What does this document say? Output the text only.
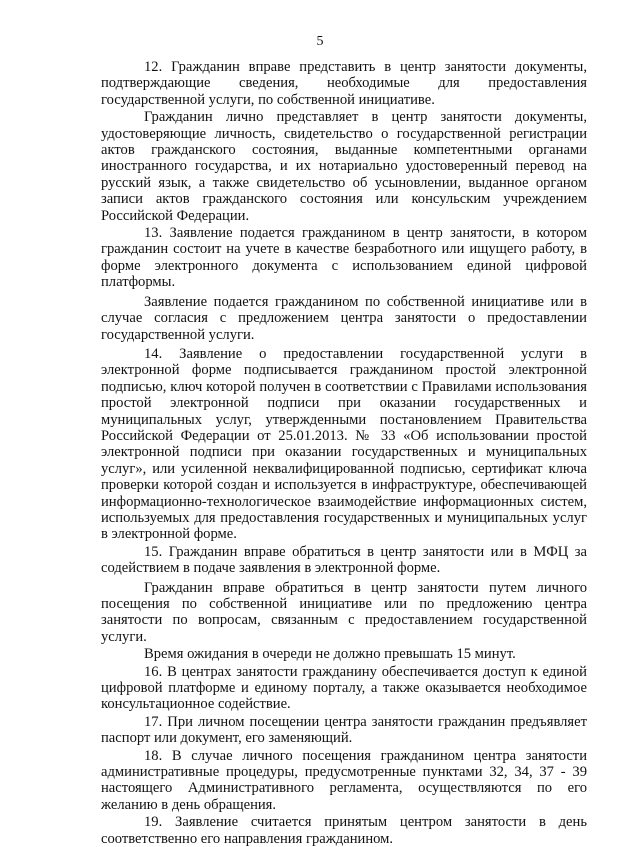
5

12. Гражданин вправе представить в центр занятости документы, подтверждающие сведения, необходимые для предоставления государственной услуги, по собственной инициативе.

Гражданин лично представляет в центр занятости документы, удостоверяющие личность, свидетельство о государственной регистрации актов гражданского состояния, выданные компетентными органами иностранного государства, и их нотариально удостоверенный перевод на русский язык, а также свидетельство об усыновлении, выданное органом записи актов гражданского состояния или консульским учреждением Российской Федерации.

13. Заявление подается гражданином в центр занятости, в котором гражданин состоит на учете в качестве безработного или ищущего работу, в форме электронного документа с использованием единой цифровой платформы.

Заявление подается гражданином по собственной инициативе или в случае согласия с предложением центра занятости о предоставлении государственной услуги.

14. Заявление о предоставлении государственной услуги в электронной форме подписывается гражданином простой электронной подписью, ключ которой получен в соответствии с Правилами использования простой электронной подписи при оказании государственных и муниципальных услуг, утвержденными постановлением Правительства Российской Федерации от 25.01.2013. № 33 «Об использовании простой электронной подписи при оказании государственных и муниципальных услуг», или усиленной неквалифицированной подписью, сертификат ключа проверки которой создан и используется в инфраструктуре, обеспечивающей информационно-технологическое взаимодействие информационных систем, используемых для предоставления государственных и муниципальных услуг в электронной форме.

15. Гражданин вправе обратиться в центр занятости или в МФЦ за содействием в подаче заявления в электронной форме.

Гражданин вправе обратиться в центр занятости путем личного посещения по собственной инициативе или по предложению центра занятости по вопросам, связанным с предоставлением государственной услуги.

Время ожидания в очереди не должно превышать 15 минут.

16. В центрах занятости гражданину обеспечивается доступ к единой цифровой платформе и единому порталу, а также оказывается необходимое консультационное содействие.

17. При личном посещении центра занятости гражданин предъявляет паспорт или документ, его заменяющий.

18. В случае личного посещения гражданином центра занятости административные процедуры, предусмотренные пунктами 32, 34, 37 - 39 настоящего Административного регламента, осуществляются по его желанию в день обращения.

19. Заявление считается принятым центром занятости в день соответственно его направления гражданином.
